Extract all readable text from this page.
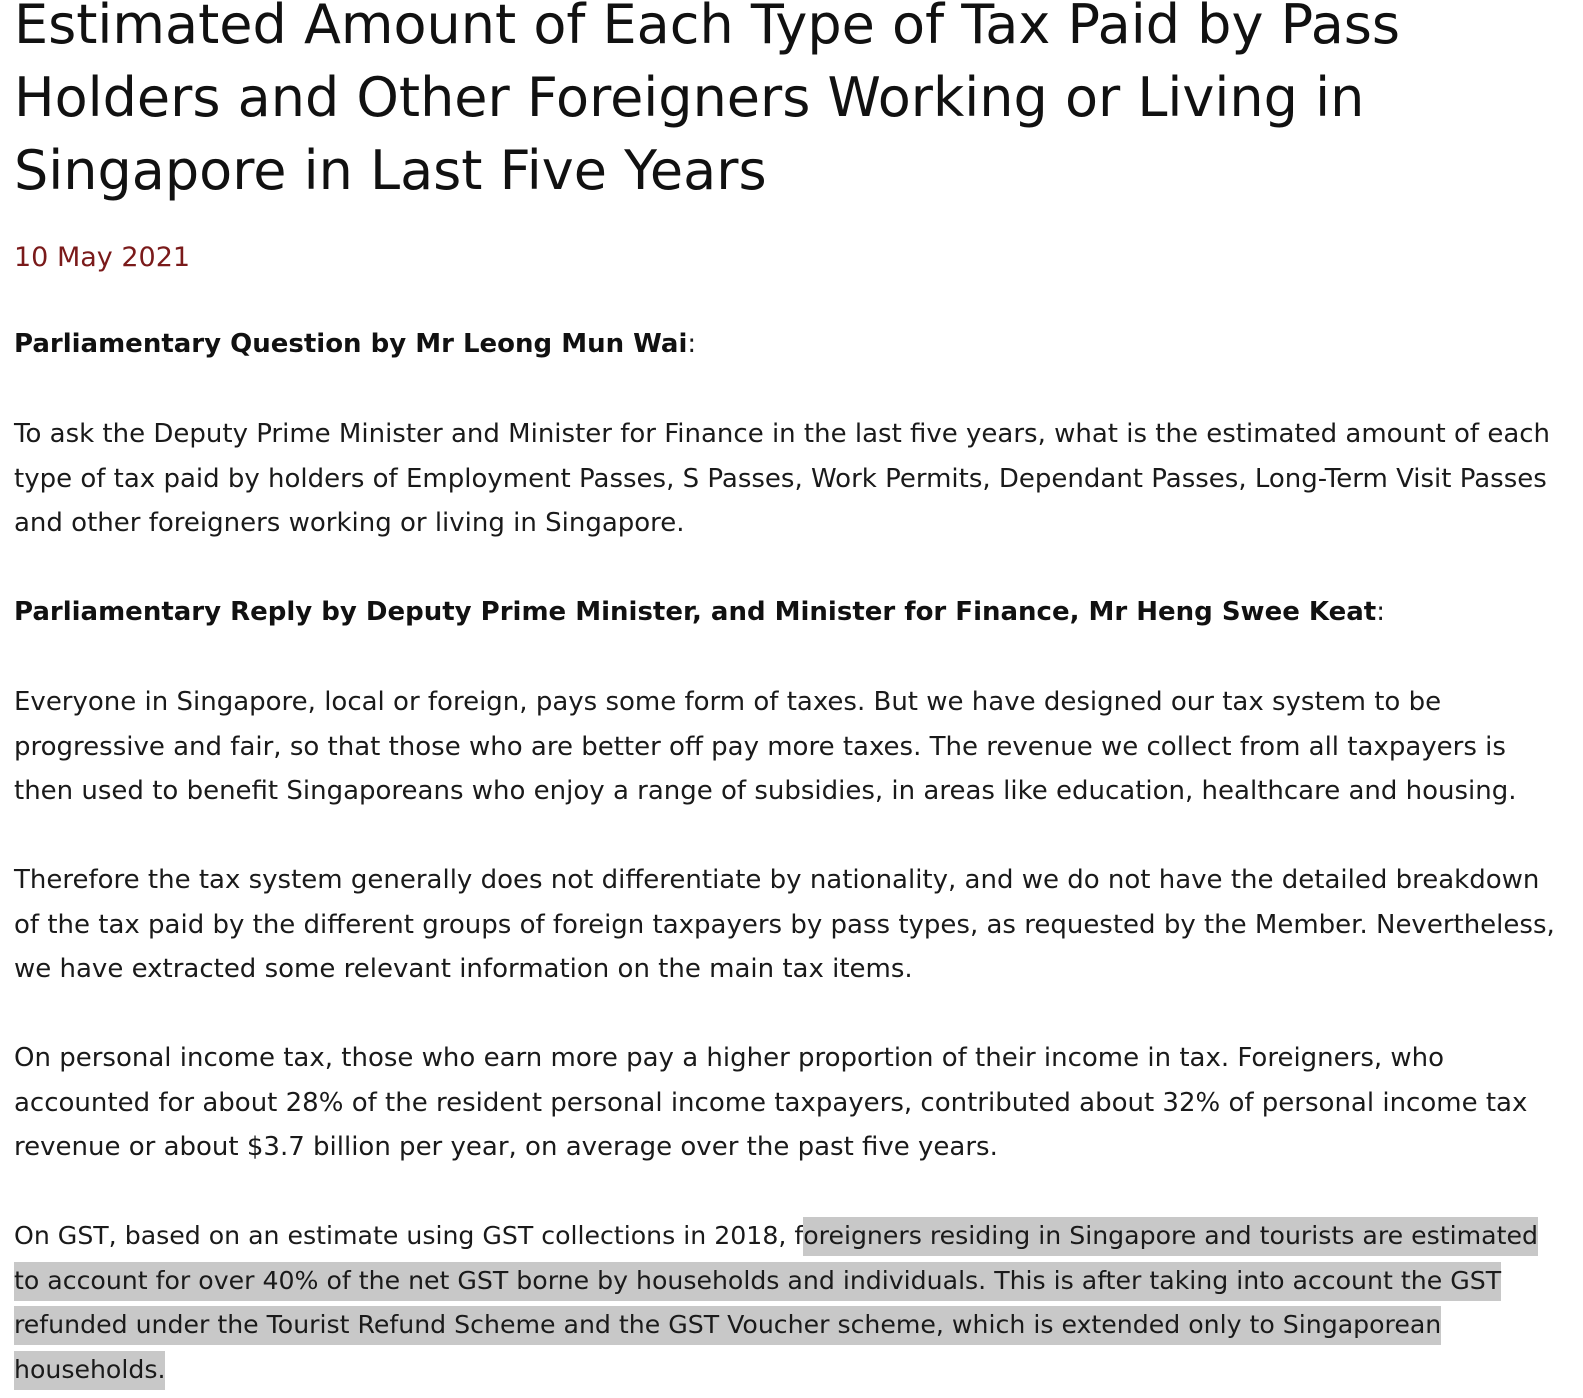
Estimated Amount of Each Type of Tax Paid by Pass Holders and Other Foreigners Working or Living in Singapore in Last Five Years

10 May 2021

Parliamentary Question by Mr Leong Mun Wai:

To ask the Deputy Prime Minister and Minister for Finance in the last five years, what is the estimated amount of each type of tax paid by holders of Employment Passes, S Passes, Work Permits, Dependant Passes, Long-Term Visit Passes and other foreigners working or living in Singapore.

Parliamentary Reply by Deputy Prime Minister, and Minister for Finance, Mr Heng Swee Keat:

Everyone in Singapore, local or foreign, pays some form of taxes. But we have designed our tax system to be progressive and fair, so that those who are better off pay more taxes. The revenue we collect from all taxpayers is then used to benefit Singaporeans who enjoy a range of subsidies, in areas like education, healthcare and housing.

Therefore the tax system generally does not differentiate by nationality, and we do not have the detailed breakdown of the tax paid by the different groups of foreign taxpayers by pass types, as requested by the Member. Nevertheless, we have extracted some relevant information on the main tax items.

On personal income tax, those who earn more pay a higher proportion of their income in tax. Foreigners, who accounted for about 28% of the resident personal income taxpayers, contributed about 32% of personal income tax revenue or about $3.7 billion per year, on average over the past five years.

On GST, based on an estimate using GST collections in 2018, foreigners residing in Singapore and tourists are estimated to account for over 40% of the net GST borne by households and individuals. This is after taking into account the GST refunded under the Tourist Refund Scheme and the GST Voucher scheme, which is extended only to Singaporean households.
